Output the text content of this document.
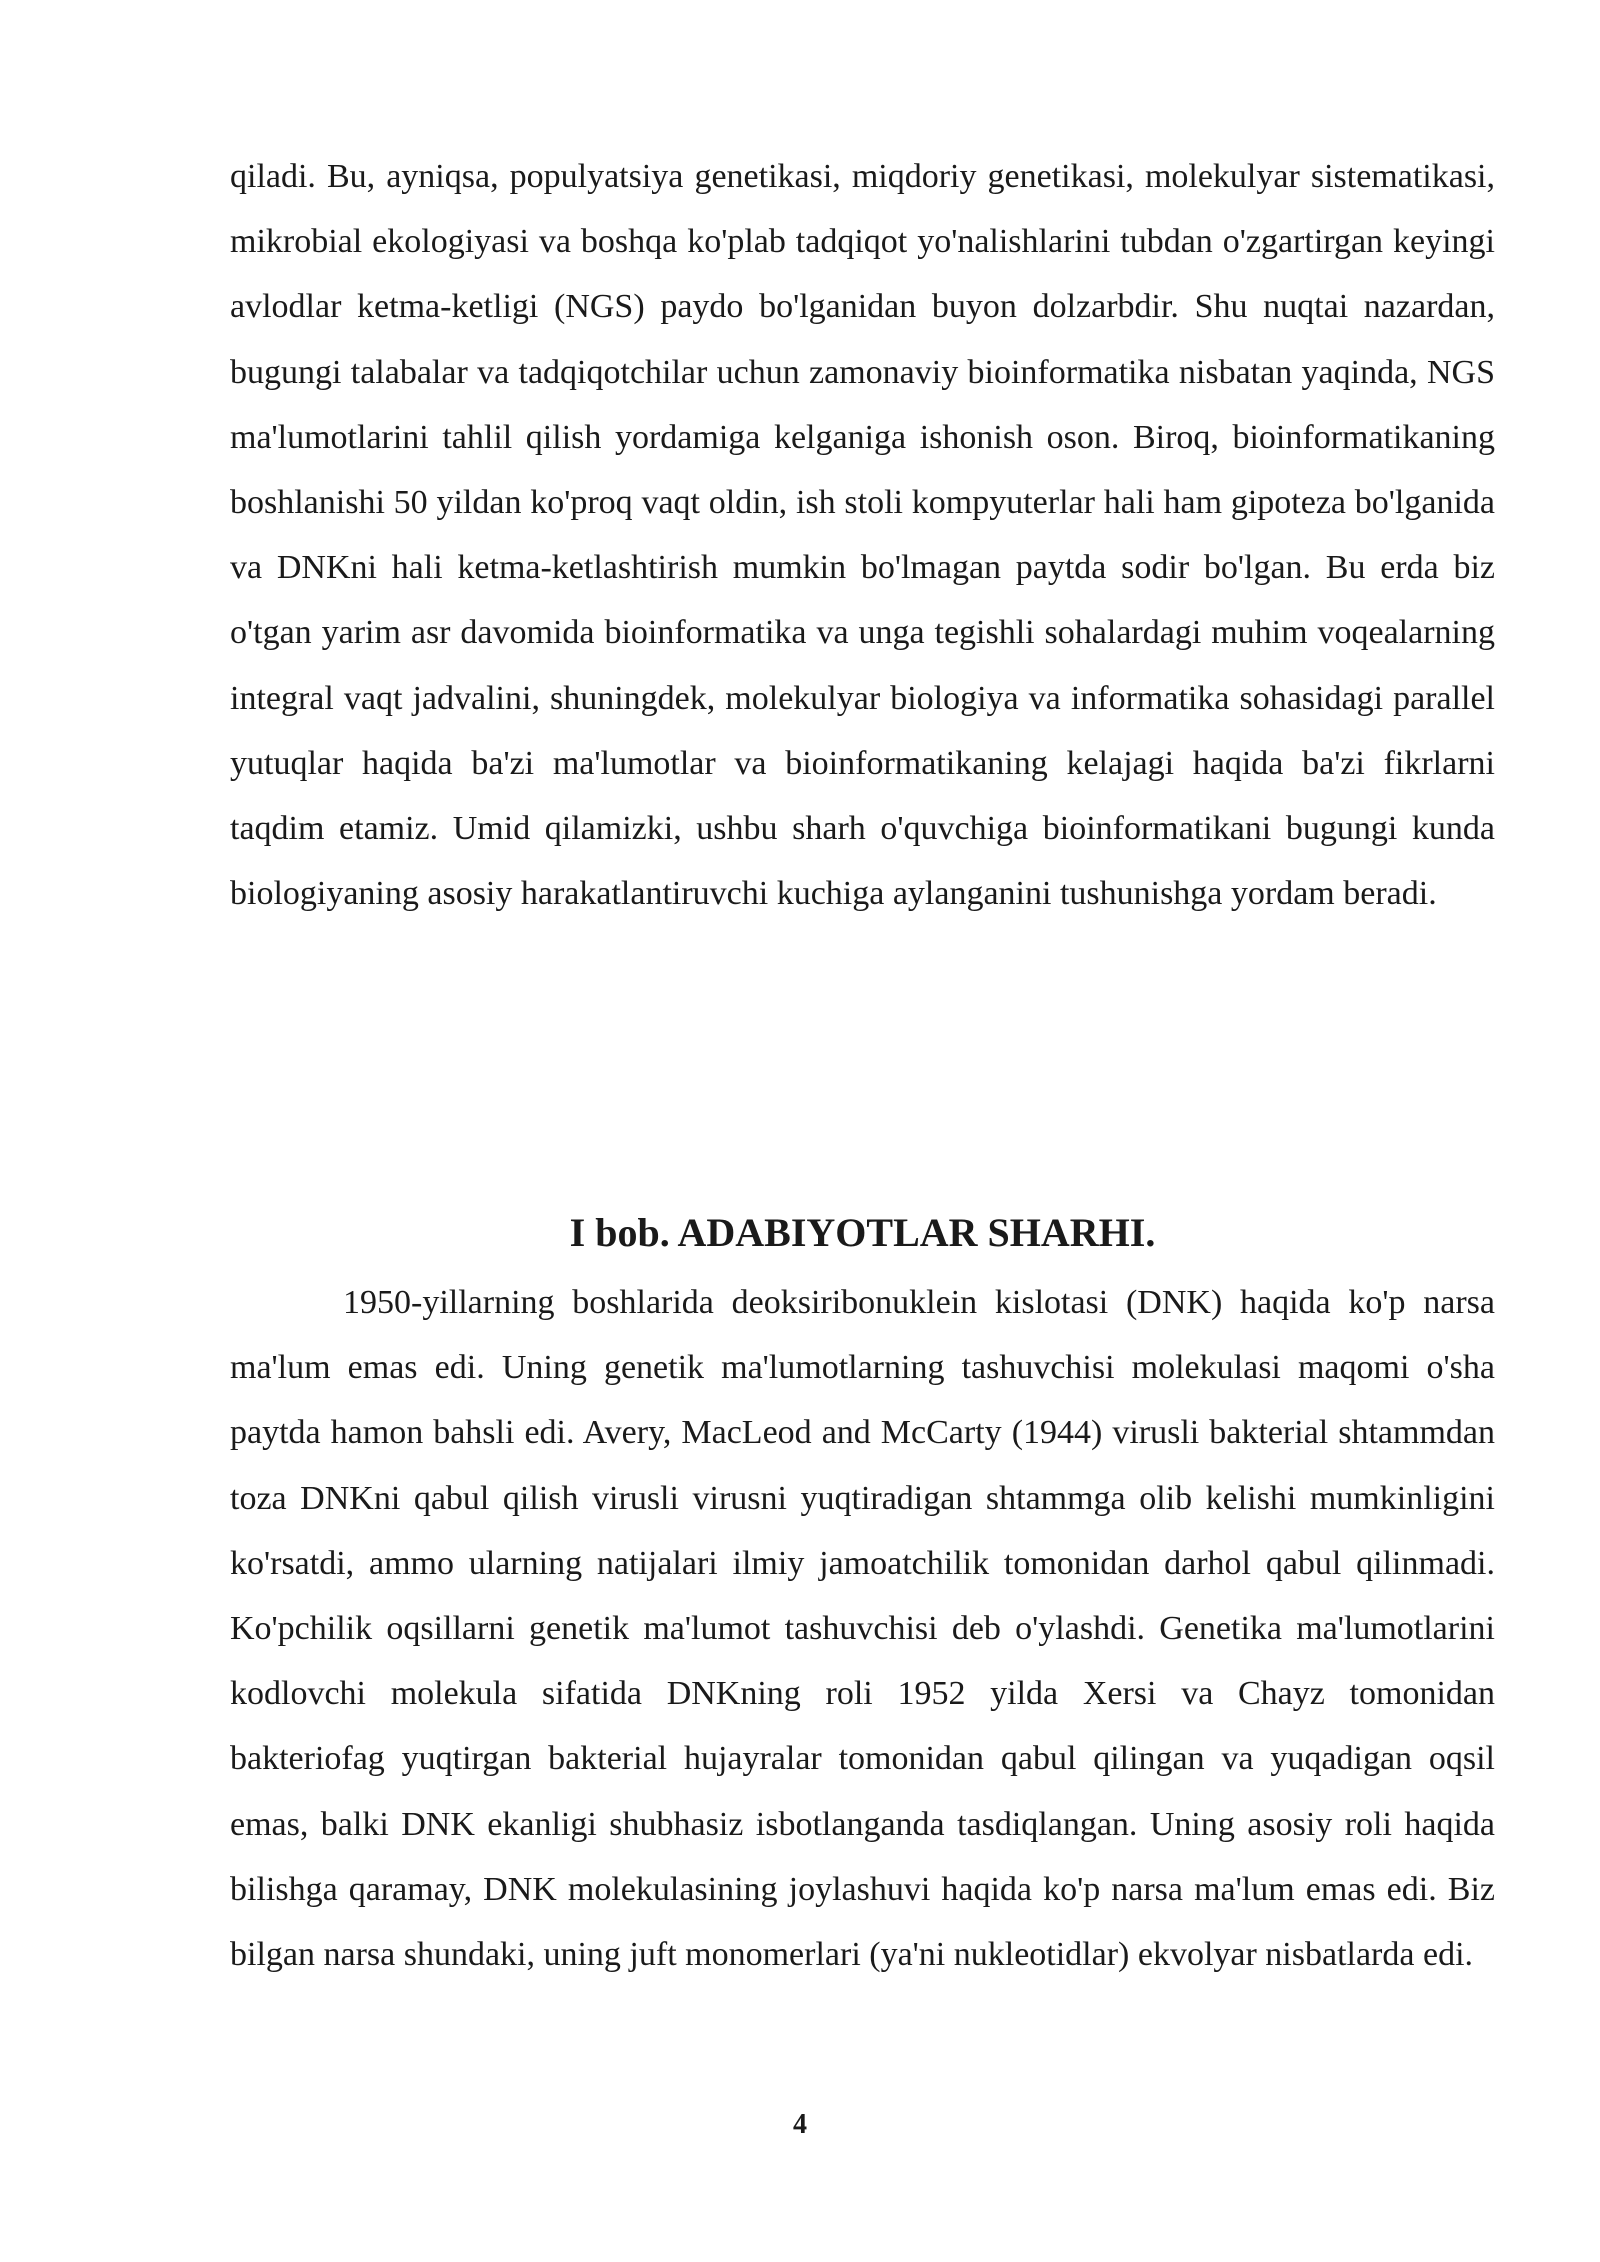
qiladi. Bu, ayniqsa, populyatsiya genetikasi, miqdoriy genetikasi, molekulyar sistematikasi, mikrobial ekologiyasi va boshqa ko'plab tadqiqot yo'nalishlarini tubdan o'zgartirgan keyingi avlodlar ketma-ketligi (NGS) paydo bo'lganidan buyon dolzarbdir. Shu nuqtai nazardan, bugungi talabalar va tadqiqotchilar uchun zamonaviy bioinformatika nisbatan yaqinda, NGS ma'lumotlarini tahlil qilish yordamiga kelganiga ishonish oson. Biroq, bioinformatikaning boshlanishi 50 yildan ko'proq vaqt oldin, ish stoli kompyuterlar hali ham gipoteza bo'lganida va DNKni hali ketma-ketlashtirish mumkin bo'lmagan paytda sodir bo'lgan. Bu erda biz o'tgan yarim asr davomida bioinformatika va unga tegishli sohalardagi muhim voqealarning integral vaqt jadvalini, shuningdek, molekulyar biologiya va informatika sohasidagi parallel yutuqlar haqida ba'zi ma'lumotlar va bioinformatikaning kelajagi haqida ba'zi fikrlarni taqdim etamiz. Umid qilamizki, ushbu sharh o'quvchiga bioinformatikani bugungi kunda biologiyaning asosiy harakatlantiruvchi kuchiga aylanganini tushunishga yordam beradi.

I bob. ADABIYOTLAR SHARHI.

1950-yillarning boshlarida deoksiribonuklein kislotasi (DNK) haqida ko'p narsa ma'lum emas edi. Uning genetik ma'lumotlarning tashuvchisi molekulasi maqomi o'sha paytda hamon bahsli edi. Avery, MacLeod and McCarty (1944) virusli bakterial shtammdan toza DNKni qabul qilish virusli virusni yuqtiradigan shtammga olib kelishi mumkinligini ko'rsatdi, ammo ularning natijalari ilmiy jamoatchilik tomonidan darhol qabul qilinmadi. Ko'pchilik oqsillarni genetik ma'lumot tashuvchisi deb o'ylashdi. Genetika ma'lumotlarini kodlovchi molekula sifatida DNKning roli 1952 yilda Xersi va Chayz tomonidan bakteriofag yuqtirgan bakterial hujayralar tomonidan qabul qilingan va yuqadigan oqsil emas, balki DNK ekanligi shubhasiz isbotlanganda tasdiqlangan. Uning asosiy roli haqida bilishga qaramay, DNK molekulasining joylashuvi haqida ko'p narsa ma'lum emas edi. Biz bilgan narsa shundaki, uning juft monomerlari (ya'ni nukleotidlar) ekvolyar nisbatlarda edi.

4
